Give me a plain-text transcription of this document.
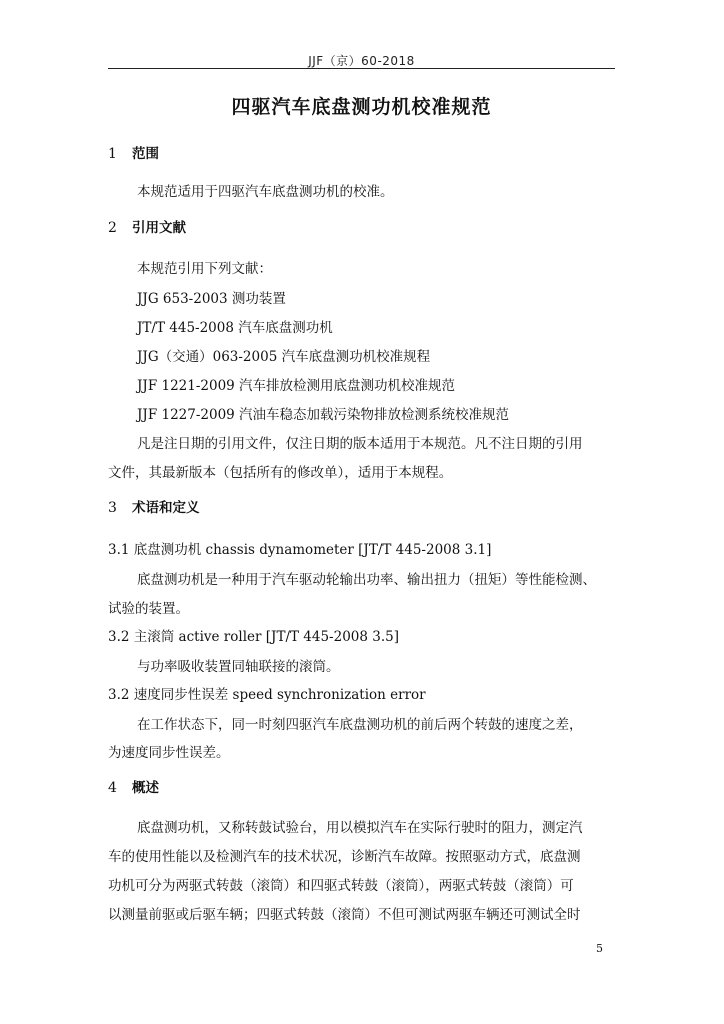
JJF（京）60-2018
四驱汽车底盘测功机校准规范
1 范围
本规范适用于四驱汽车底盘测功机的校准。
2 引用文献
本规范引用下列文献：
JJG 653-2003 测功装置
JT/T 445-2008 汽车底盘测功机
JJG（交通）063-2005 汽车底盘测功机校准规程
JJF 1221-2009 汽车排放检测用底盘测功机校准规范
JJF 1227-2009 汽油车稳态加载污染物排放检测系统校准规范
凡是注日期的引用文件，仅注日期的版本适用于本规范。凡不注日期的引用
文件，其最新版本（包括所有的修改单），适用于本规程。
3 术语和定义
3.1 底盘测功机 chassis dynamometer [JT/T 445-2008 3.1]
底盘测功机是一种用于汽车驱动轮输出功率、输出扭力（扭矩）等性能检测、
试验的装置。
3.2 主滚筒 active roller [JT/T 445-2008 3.5]
与功率吸收装置同轴联接的滚筒。
3.2 速度同步性误差 speed synchronization error
在工作状态下，同一时刻四驱汽车底盘测功机的前后两个转鼓的速度之差，
为速度同步性误差。
4 概述
底盘测功机，又称转鼓试验台，用以模拟汽车在实际行驶时的阻力，测定汽
车的使用性能以及检测汽车的技术状况，诊断汽车故障。按照驱动方式，底盘测
功机可分为两驱式转鼓（滚筒）和四驱式转鼓（滚筒），两驱式转鼓（滚筒）可
以测量前驱或后驱车辆；四驱式转鼓（滚筒）不但可测试两驱车辆还可测试全时
5
